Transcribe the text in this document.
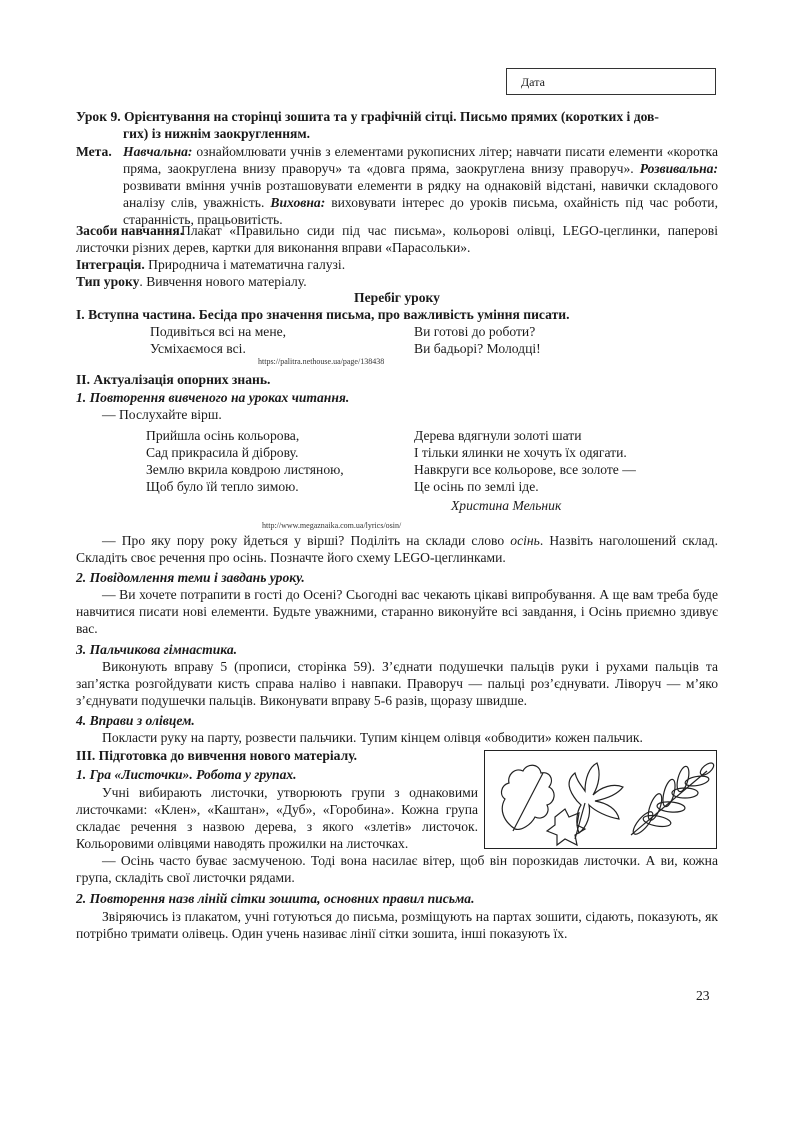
Дата
Урок 9. Орієнтування на сторінці зошита та у графічній сітці. Письмо прямих (коротких і дов-
гих) із нижнім заокругленням.
Мета. Навчальна: ознайомлювати учнів з елементами рукописних літер; навчати писати елементи «коротка пряма, заокруглена внизу праворуч» та «довга пряма, заокруглена внизу праворуч». Розвивальна: розвивати вміння учнів розташовувати елементи в рядку на однаковій відстані, навички складового аналізу слів, уважність. Виховна: виховувати інтерес до уроків письма, охайність під час роботи, старанність, працьовитість.
Засоби навчання.
Плакат «Правильно сиди під час письма», кольорові олівці, LEGO-цеглинки, паперові листочки різних дерев, картки для виконання вправи «Парасольки».
Інтеграція. Природнича і математична галузі.
Тип уроку. Вивчення нового матеріалу.
Перебіг уроку
I. Вступна частина. Бесіда про значення письма, про важливість уміння писати.
Подивіться всі на мене,
Усміхаємося всі.
Ви готові до роботи?
Ви бадьорі? Молодці!
https://palitra.nethouse.ua/page/138438
II. Актуалізація опорних знань.
1. Повторення вивченого на уроках читання.
— Послухайте вірш.
Прийшла осінь кольорова,
Сад прикрасила й діброву.
Землю вкрила ковдрою листяною,
Щоб було їй тепло зимою.
Дерева вдягнули золоті шати
І тільки ялинки не хочуть їх одягати.
Навкруги все кольорове, все золоте —
Це осінь по землі іде.
Христина Мельник
http://www.megaznaika.com.ua/lyrics/osin/
— Про яку пору року йдеться у вірші? Поділіть на склади слово осінь. Назвіть наголошений склад. Складіть своє речення про осінь. Позначте його схему LEGO-цеглинками.
2. Повідомлення теми і завдань уроку.
— Ви хочете потрапити в гості до Осені? Сьогодні вас чекають цікаві випробування. А ще вам треба буде навчитися писати нові елементи. Будьте уважними, старанно виконуйте всі завдання, і Осінь приємно здивує вас.
3. Пальчикова гімнастика.
Виконують вправу 5 (прописи, сторінка 59). З’єднати подушечки пальців руки і рухами пальців та зап’ястка розгойдувати кисть справа наліво і навпаки. Праворуч — пальці роз’єднувати. Ліворуч — м’яко з’єднувати подушечки пальців. Виконувати вправу 5-6 разів, щоразу швидше.
4. Вправи з олівцем.
Покласти руку на парту, розвести пальчики. Тупим кінцем олівця «обводити» кожен пальчик.
III. Підготовка до вивчення нового матеріалу.
1. Гра «Листочки». Робота у групах.
Учні вибирають листочки, утворюють групи з однаковими листочками: «Клен», «Каштан», «Дуб», «Горобина». Кожна група складає речення з назвою дерева, з якого «злетів» листочок. Кольоровими олівцями наводять прожилки на листочках.
— Осінь часто буває засмученою. Тоді вона насилає вітер, щоб він порозкидав листочки. А ви, кожна група, складіть свої листочки рядами.
2. Повторення назв ліній сітки зошита, основних правил письма.
Звіряючись із плакатом, учні готуються до письма, розміщують на партах зошити, сідають, показують, як потрібно тримати олівець. Один учень називає лінії сітки зошита, інші показують їх.
23
